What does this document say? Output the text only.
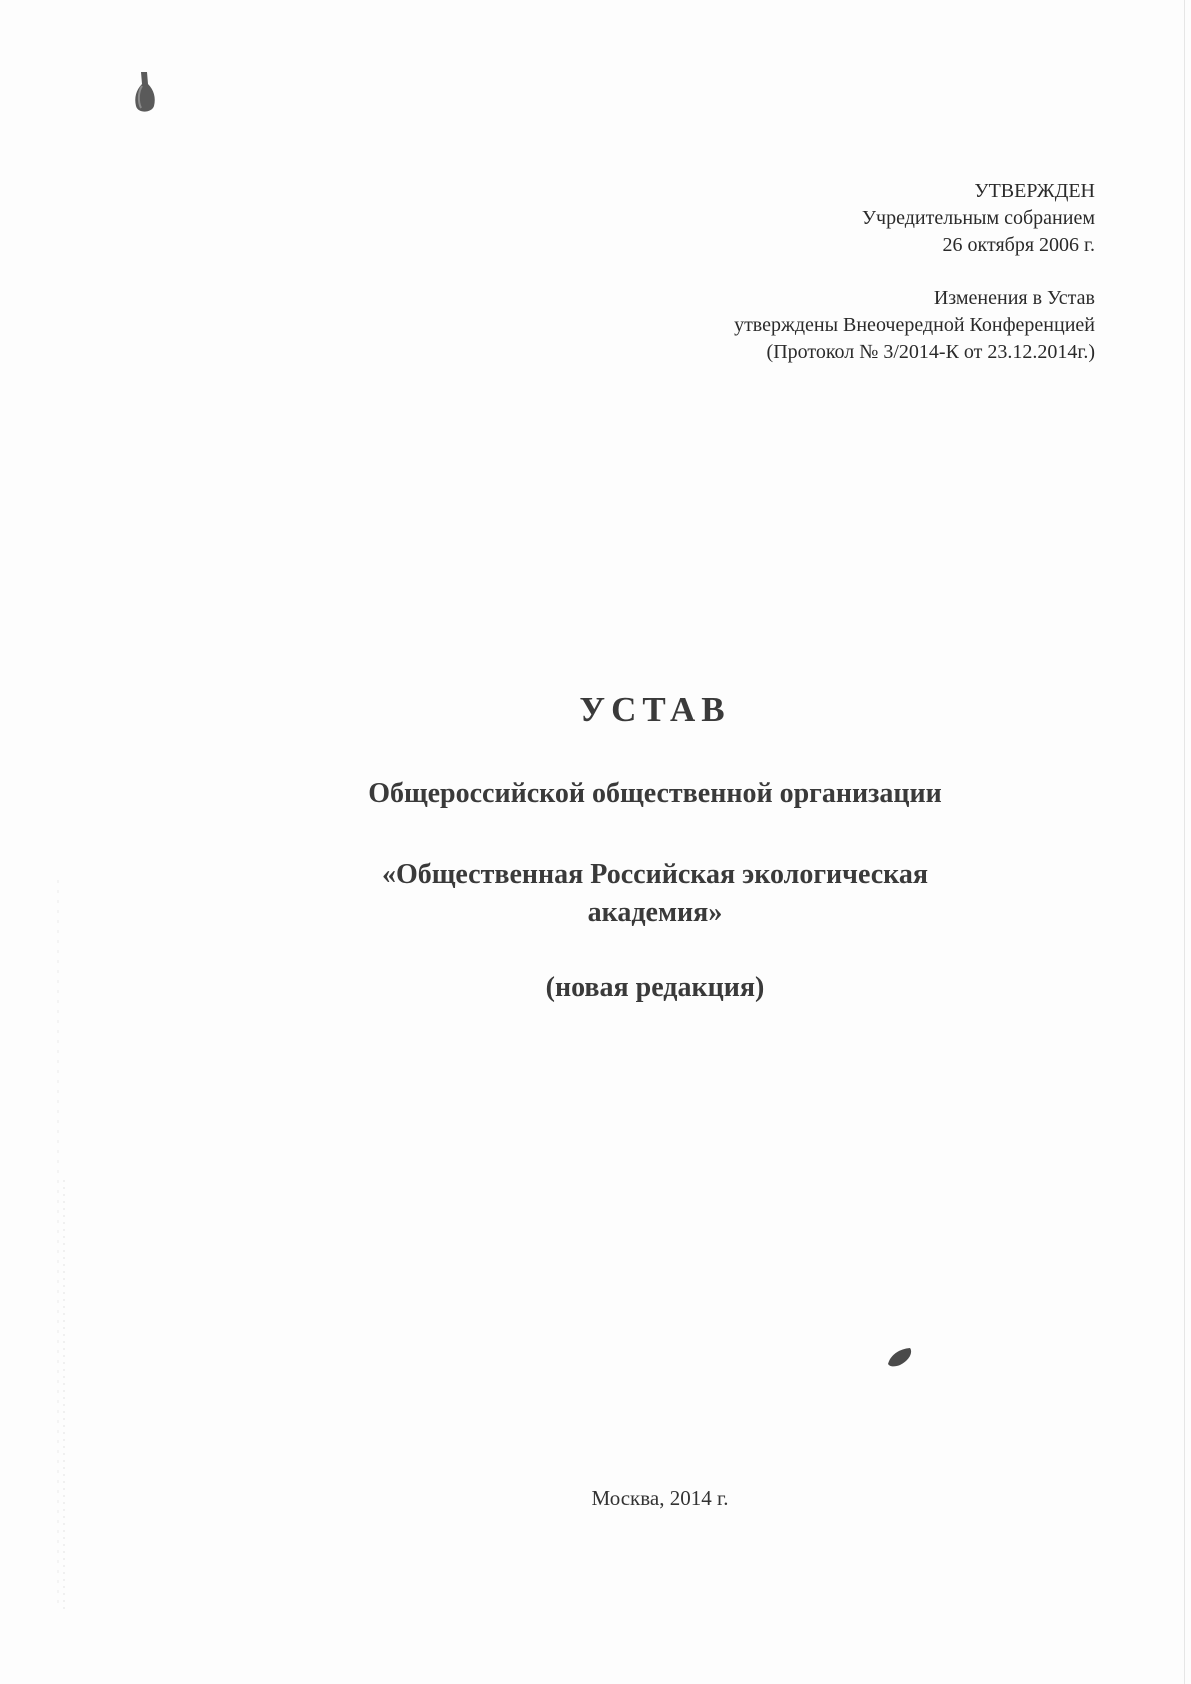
УТВЕРЖДЕН
Учредительным собранием
26 октября 2006 г.
Изменения в Устав
утверждены Внеочередной Конференцией
(Протокол № 3/2014-К от 23.12.2014г.)
УСТАВ
Общероссийской общественной организации
«Общественная Российская экологическая
академия»
(новая редакция)
Москва, 2014 г.
